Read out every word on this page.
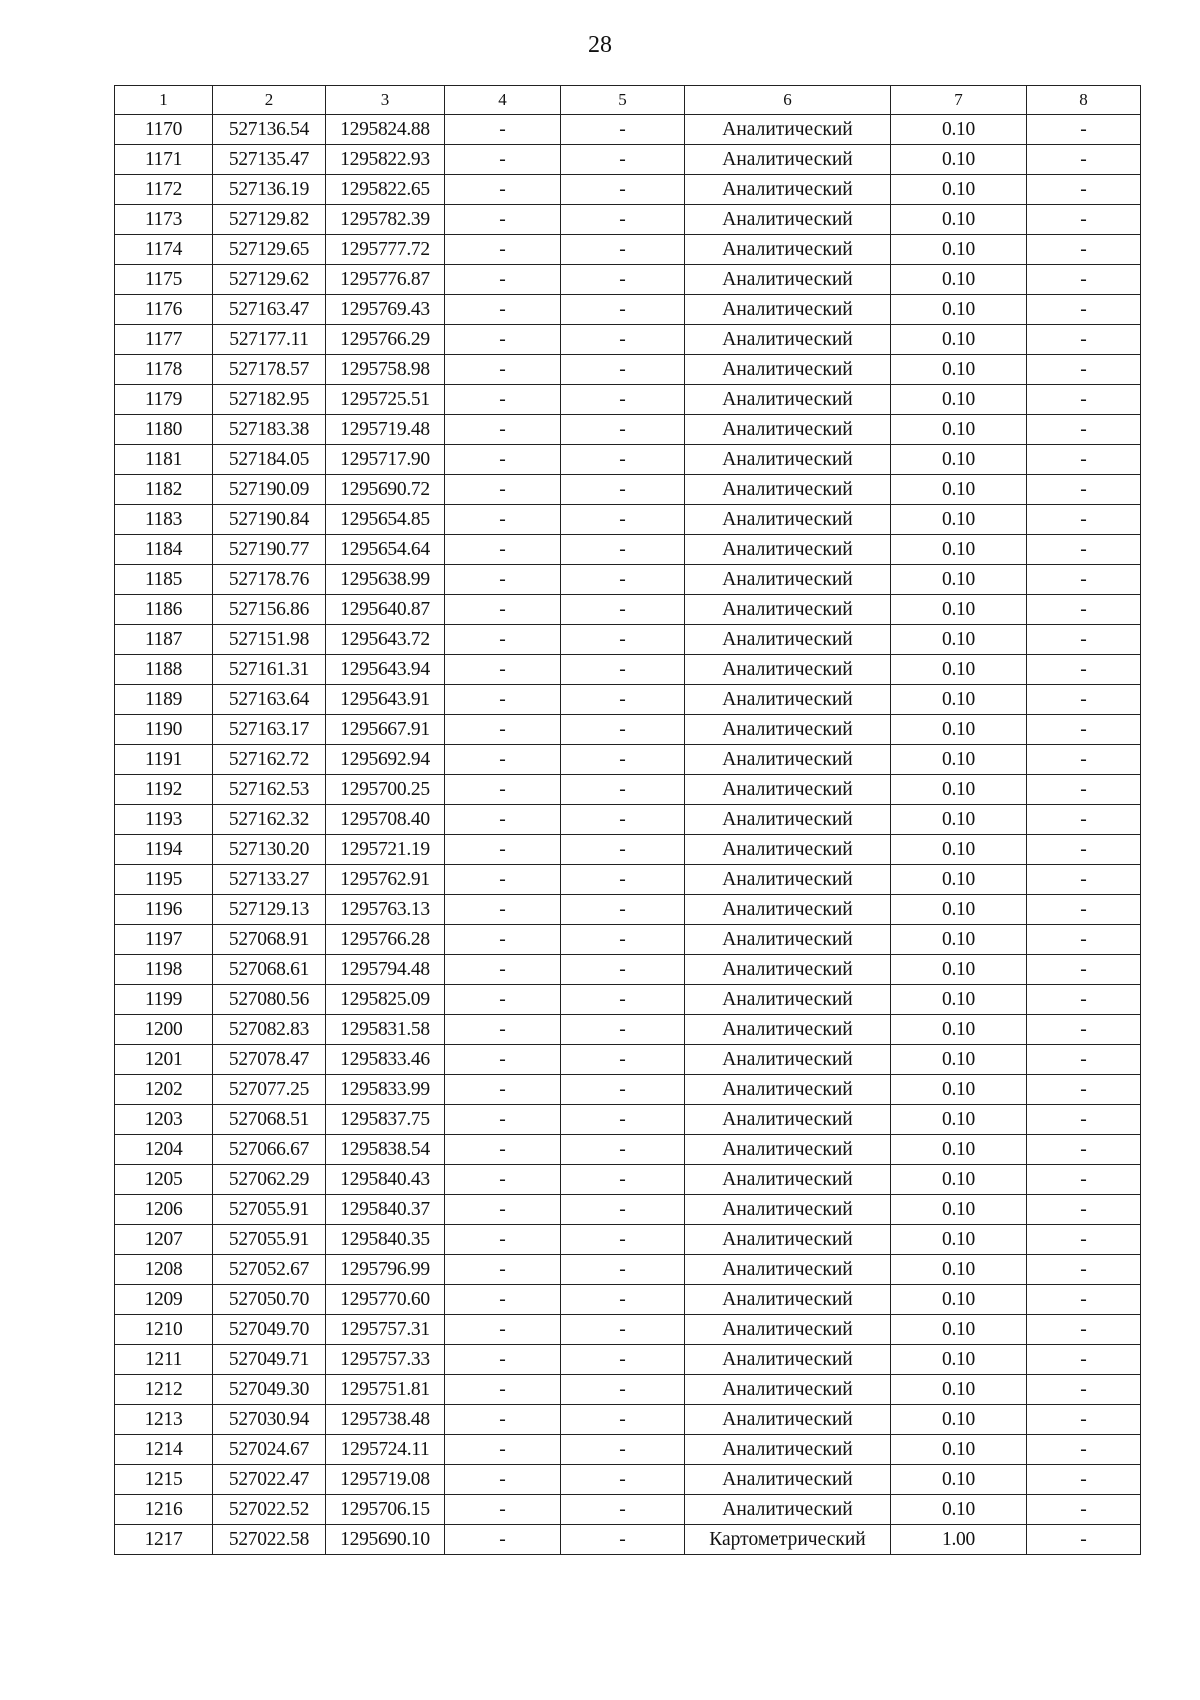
28
1	2	3	4	5	6	7	8
1170	527136.54	1295824.88	-	-	Аналитический	0.10	-
1171	527135.47	1295822.93	-	-	Аналитический	0.10	-
1172	527136.19	1295822.65	-	-	Аналитический	0.10	-
1173	527129.82	1295782.39	-	-	Аналитический	0.10	-
1174	527129.65	1295777.72	-	-	Аналитический	0.10	-
1175	527129.62	1295776.87	-	-	Аналитический	0.10	-
1176	527163.47	1295769.43	-	-	Аналитический	0.10	-
1177	527177.11	1295766.29	-	-	Аналитический	0.10	-
1178	527178.57	1295758.98	-	-	Аналитический	0.10	-
1179	527182.95	1295725.51	-	-	Аналитический	0.10	-
1180	527183.38	1295719.48	-	-	Аналитический	0.10	-
1181	527184.05	1295717.90	-	-	Аналитический	0.10	-
1182	527190.09	1295690.72	-	-	Аналитический	0.10	-
1183	527190.84	1295654.85	-	-	Аналитический	0.10	-
1184	527190.77	1295654.64	-	-	Аналитический	0.10	-
1185	527178.76	1295638.99	-	-	Аналитический	0.10	-
1186	527156.86	1295640.87	-	-	Аналитический	0.10	-
1187	527151.98	1295643.72	-	-	Аналитический	0.10	-
1188	527161.31	1295643.94	-	-	Аналитический	0.10	-
1189	527163.64	1295643.91	-	-	Аналитический	0.10	-
1190	527163.17	1295667.91	-	-	Аналитический	0.10	-
1191	527162.72	1295692.94	-	-	Аналитический	0.10	-
1192	527162.53	1295700.25	-	-	Аналитический	0.10	-
1193	527162.32	1295708.40	-	-	Аналитический	0.10	-
1194	527130.20	1295721.19	-	-	Аналитический	0.10	-
1195	527133.27	1295762.91	-	-	Аналитический	0.10	-
1196	527129.13	1295763.13	-	-	Аналитический	0.10	-
1197	527068.91	1295766.28	-	-	Аналитический	0.10	-
1198	527068.61	1295794.48	-	-	Аналитический	0.10	-
1199	527080.56	1295825.09	-	-	Аналитический	0.10	-
1200	527082.83	1295831.58	-	-	Аналитический	0.10	-
1201	527078.47	1295833.46	-	-	Аналитический	0.10	-
1202	527077.25	1295833.99	-	-	Аналитический	0.10	-
1203	527068.51	1295837.75	-	-	Аналитический	0.10	-
1204	527066.67	1295838.54	-	-	Аналитический	0.10	-
1205	527062.29	1295840.43	-	-	Аналитический	0.10	-
1206	527055.91	1295840.37	-	-	Аналитический	0.10	-
1207	527055.91	1295840.35	-	-	Аналитический	0.10	-
1208	527052.67	1295796.99	-	-	Аналитический	0.10	-
1209	527050.70	1295770.60	-	-	Аналитический	0.10	-
1210	527049.70	1295757.31	-	-	Аналитический	0.10	-
1211	527049.71	1295757.33	-	-	Аналитический	0.10	-
1212	527049.30	1295751.81	-	-	Аналитический	0.10	-
1213	527030.94	1295738.48	-	-	Аналитический	0.10	-
1214	527024.67	1295724.11	-	-	Аналитический	0.10	-
1215	527022.47	1295719.08	-	-	Аналитический	0.10	-
1216	527022.52	1295706.15	-	-	Аналитический	0.10	-
1217	527022.58	1295690.10	-	-	Картометрический	1.00	-
